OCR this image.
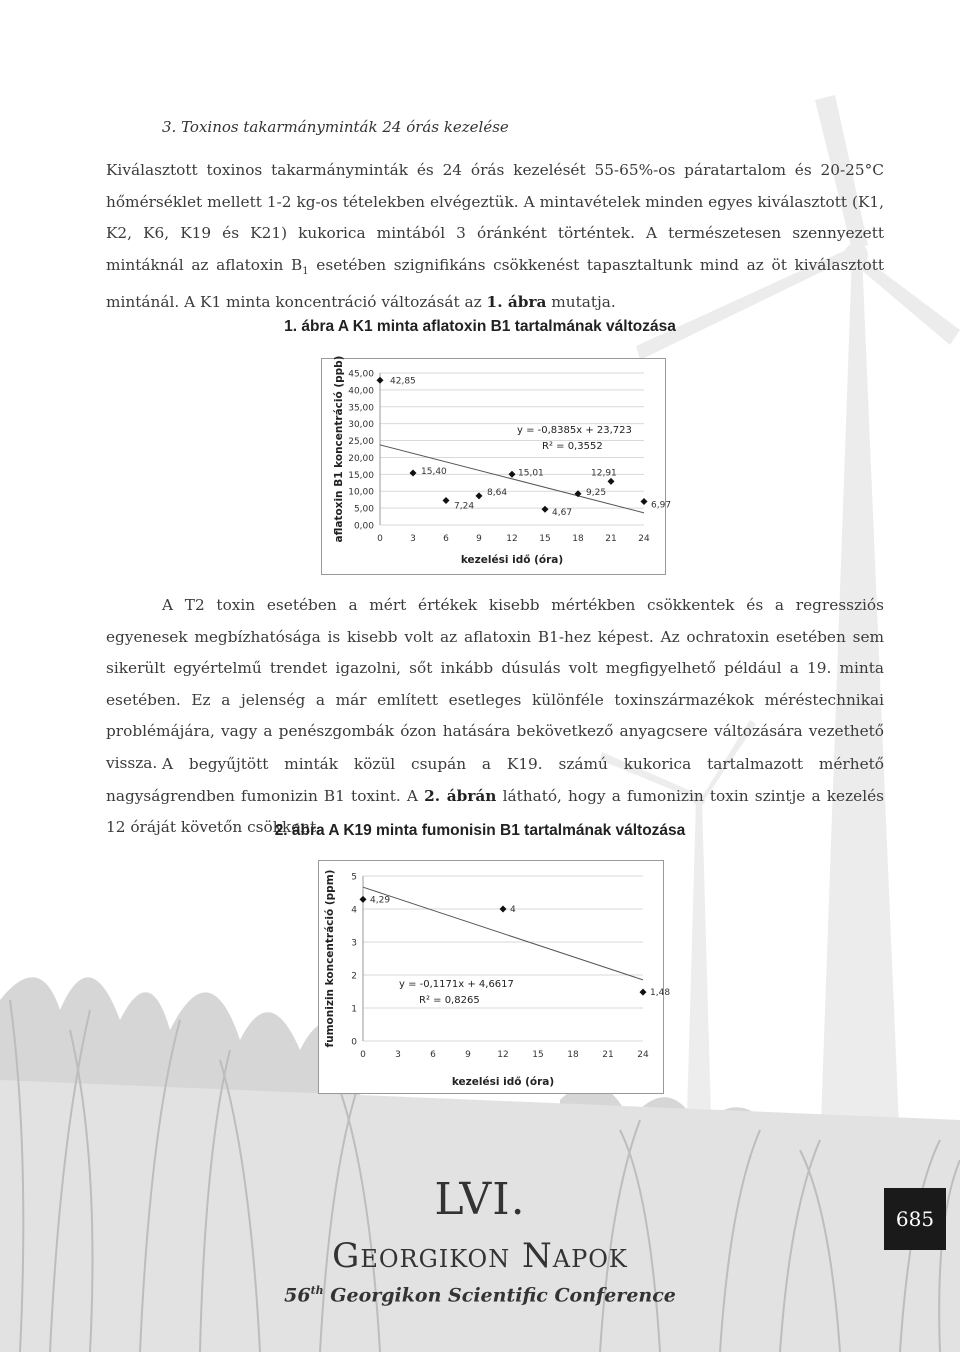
3. Toxinos takarmányminták 24 órás kezelése
Kiválasztott toxinos takarmányminták és 24 órás kezelését 55-65%-os páratartalom és 20-25°C hőmérséklet mellett 1-2 kg-os tételekben elvégeztük. A mintavételek minden egyes kiválasztott (K1, K2, K6, K19 és K21) kukorica mintából 3 óránként történtek. A természetesen szennyezett mintáknál az aflatoxin $B_1$ esetében szignifikáns csökkenést tapasztaltunk mind az öt kiválasztott mintánál. A K1 minta koncentráció változását az 1. ábra mutatja.
1. ábra A K1 minta aflatoxin B1 tartalmának változása
0,00
5,00
10,00
15,00
20,00
25,00
30,00
35,00
40,00
45,00
0	3	6	9	12 15 18 21 24
kezelési idő (óra)
aflatoxin B1 koncentráció (ppb)	42,85
15,40
7,24
8,64
15,01
4,67
9,25
12,91
6,97
y = -0,8385x + 23,723
R² = 0,3552
A T2 toxin esetében a mért értékek kisebb mértékben csökkentek és a regressziós egyenesek megbízhatósága is kisebb volt az aflatoxin B1-hez képest. Az ochratoxin esetében sem sikerült egyértelmű trendet igazolni, sőt inkább dúsulás volt megfigyelhető például a 19. minta esetében. Ez a jelenség a már említett esetleges különféle toxinszármazékok méréstechnikai problémájára, vagy a penészgombák ózon hatására bekövetkező anyagcsere változására vezethető vissza. A begyűjtött minták közül csupán a K19. számú kukorica tartalmazott mérhető nagyságrendben fumonizin B1 toxint. A 2. ábrán látható, hogy a fumonizin toxin szintje a kezelés 12 óráját követőn csökkent.
2. ábra A K19 minta fumonisin B1 tartalmának változása
0
1
2
3
4
5
0	3	6	9	12	15	18	21	24
kezelési idő (óra)
fumonizin koncentráció (ppm)	4,29
4
1,48
y = -0,1171x + 4,6617
R² = 0,8265
LVI.
Georgikon Napok
56th Georgikon Scientific Conference
685
